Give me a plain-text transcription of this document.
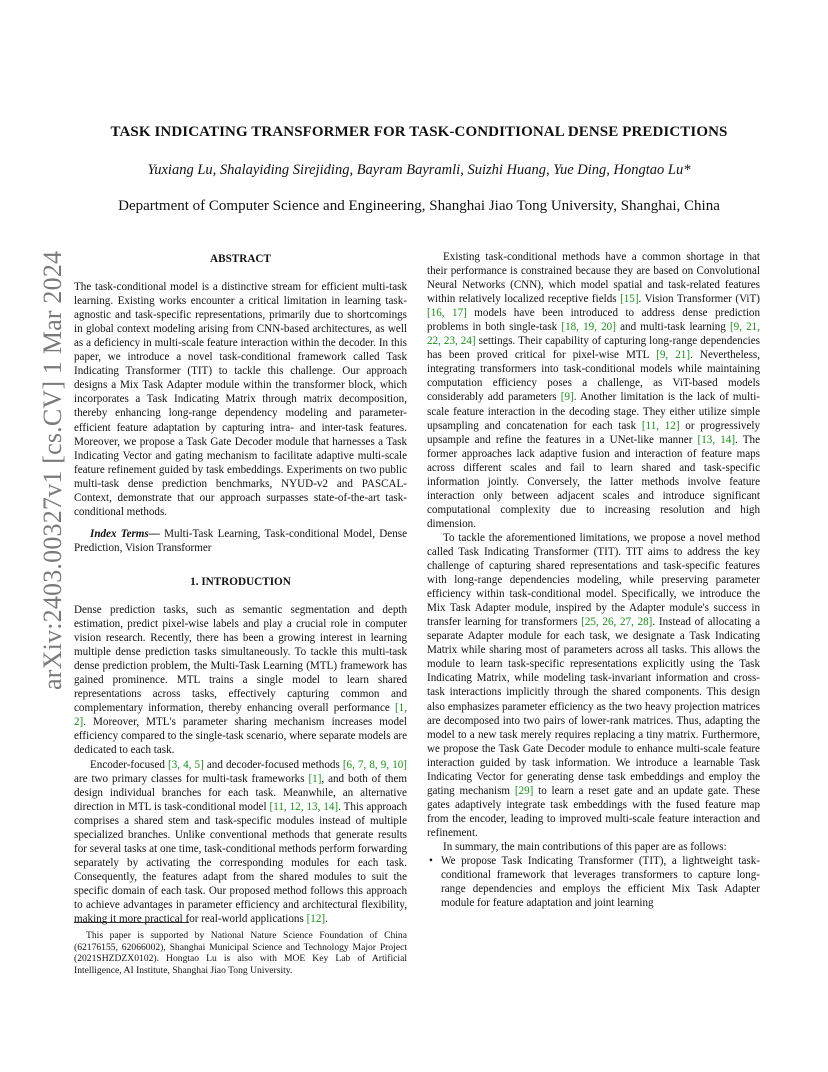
arXiv:2403.00327v1 [cs.CV] 1 Mar 2024
TASK INDICATING TRANSFORMER FOR TASK-CONDITIONAL DENSE PREDICTIONS
Yuxiang Lu, Shalayiding Sirejiding, Bayram Bayramli, Suizhi Huang, Yue Ding, Hongtao Lu*
Department of Computer Science and Engineering, Shanghai Jiao Tong University, Shanghai, China
ABSTRACT

The task-conditional model is a distinctive stream for efficient multi-task learning. Existing works encounter a critical limitation in learning task-agnostic and task-specific representations, primarily due to shortcomings in global context modeling arising from CNN-based architectures, as well as a deficiency in multi-scale feature interaction within the decoder. In this paper, we introduce a novel task-conditional framework called Task Indicating Transformer (TIT) to tackle this challenge. Our approach designs a Mix Task Adapter module within the transformer block, which incorporates a Task Indicating Matrix through matrix decomposition, thereby enhancing long-range dependency modeling and parameter-efficient feature adaptation by capturing intra- and inter-task features. Moreover, we propose a Task Gate Decoder module that harnesses a Task Indicating Vector and gating mechanism to facilitate adaptive multi-scale feature refinement guided by task embeddings. Experiments on two public multi-task dense prediction benchmarks, NYUD-v2 and PASCAL-Context, demonstrate that our approach surpasses state-of-the-art task-conditional methods.

Index Terms— Multi-Task Learning, Task-conditional Model, Dense Prediction, Vision Transformer

1. INTRODUCTION

Dense prediction tasks, such as semantic segmentation and depth estimation, predict pixel-wise labels and play a crucial role in computer vision research. Recently, there has been a growing interest in learning multiple dense prediction tasks simultaneously. To tackle this multi-task dense prediction problem, the Multi-Task Learning (MTL) framework has gained prominence. MTL trains a single model to learn shared representations across tasks, effectively capturing common and complementary information, thereby enhancing overall performance [1, 2]. Moreover, MTL's parameter sharing mechanism increases model efficiency compared to the single-task scenario, where separate models are dedicated to each task.

Encoder-focused [3, 4, 5] and decoder-focused methods [6, 7, 8, 9, 10] are two primary classes for multi-task frameworks [1], and both of them design individual branches for each task. Meanwhile, an alternative direction in MTL is task-conditional model [11, 12, 13, 14]. This approach comprises a shared stem and task-specific modules instead of multiple specialized branches. Unlike conventional methods that generate results for several tasks at one time, task-conditional methods perform forwarding separately by activating the corresponding modules for each task. Consequently, the features adapt from the shared modules to suit the specific domain of each task. Our proposed method follows this approach to achieve advantages in parameter efficiency and architectural flexibility, making it more practical for real-world applications [12].

This paper is supported by National Nature Science Foundation of China (62176155, 62066002), Shanghai Municipal Science and Technology Major Project (2021SHZDZX0102). Hongtao Lu is also with MOE Key Lab of Artificial Intelligence, AI Institute, Shanghai Jiao Tong University.

Existing task-conditional methods have a common shortage in that their performance is constrained because they are based on Convolutional Neural Networks (CNN), which model spatial and task-related features within relatively localized receptive fields [15]. Vision Transformer (ViT) [16, 17] models have been introduced to address dense prediction problems in both single-task [18, 19, 20] and multi-task learning [9, 21, 22, 23, 24] settings. Their capability of capturing long-range dependencies has been proved critical for pixel-wise MTL [9, 21]. Nevertheless, integrating transformers into task-conditional models while maintaining computation efficiency poses a challenge, as ViT-based models considerably add parameters [9]. Another limitation is the lack of multi-scale feature interaction in the decoding stage. They either utilize simple upsampling and concatenation for each task [11, 12] or progressively upsample and refine the features in a UNet-like manner [13, 14]. The former approaches lack adaptive fusion and interaction of feature maps across different scales and fail to learn shared and task-specific information jointly. Conversely, the latter methods involve feature interaction only between adjacent scales and introduce significant computational complexity due to increasing resolution and high dimension.

To tackle the aforementioned limitations, we propose a novel method called Task Indicating Transformer (TIT). TIT aims to address the key challenge of capturing shared representations and task-specific features with long-range dependencies modeling, while preserving parameter efficiency within task-conditional model. Specifically, we introduce the Mix Task Adapter module, inspired by the Adapter module's success in transfer learning for transformers [25, 26, 27, 28]. Instead of allocating a separate Adapter module for each task, we designate a Task Indicating Matrix while sharing most of parameters across all tasks. This allows the module to learn task-specific representations explicitly using the Task Indicating Matrix, while modeling task-invariant information and cross-task interactions implicitly through the shared components. This design also emphasizes parameter efficiency as the two heavy projection matrices are decomposed into two pairs of lower-rank matrices. Thus, adapting the model to a new task merely requires replacing a tiny matrix. Furthermore, we propose the Task Gate Decoder module to enhance multi-scale feature interaction guided by task information. We introduce a learnable Task Indicating Vector for generating dense task embeddings and employ the gating mechanism [29] to learn a reset gate and an update gate. These gates adaptively integrate task embeddings with the fused feature map from the encoder, leading to improved multi-scale feature interaction and refinement.

In summary, the main contributions of this paper are as follows:

• We propose Task Indicating Transformer (TIT), a lightweight task-conditional framework that leverages transformers to capture long-range dependencies and employs the efficient Mix Task Adapter module for feature adaptation and joint learning
